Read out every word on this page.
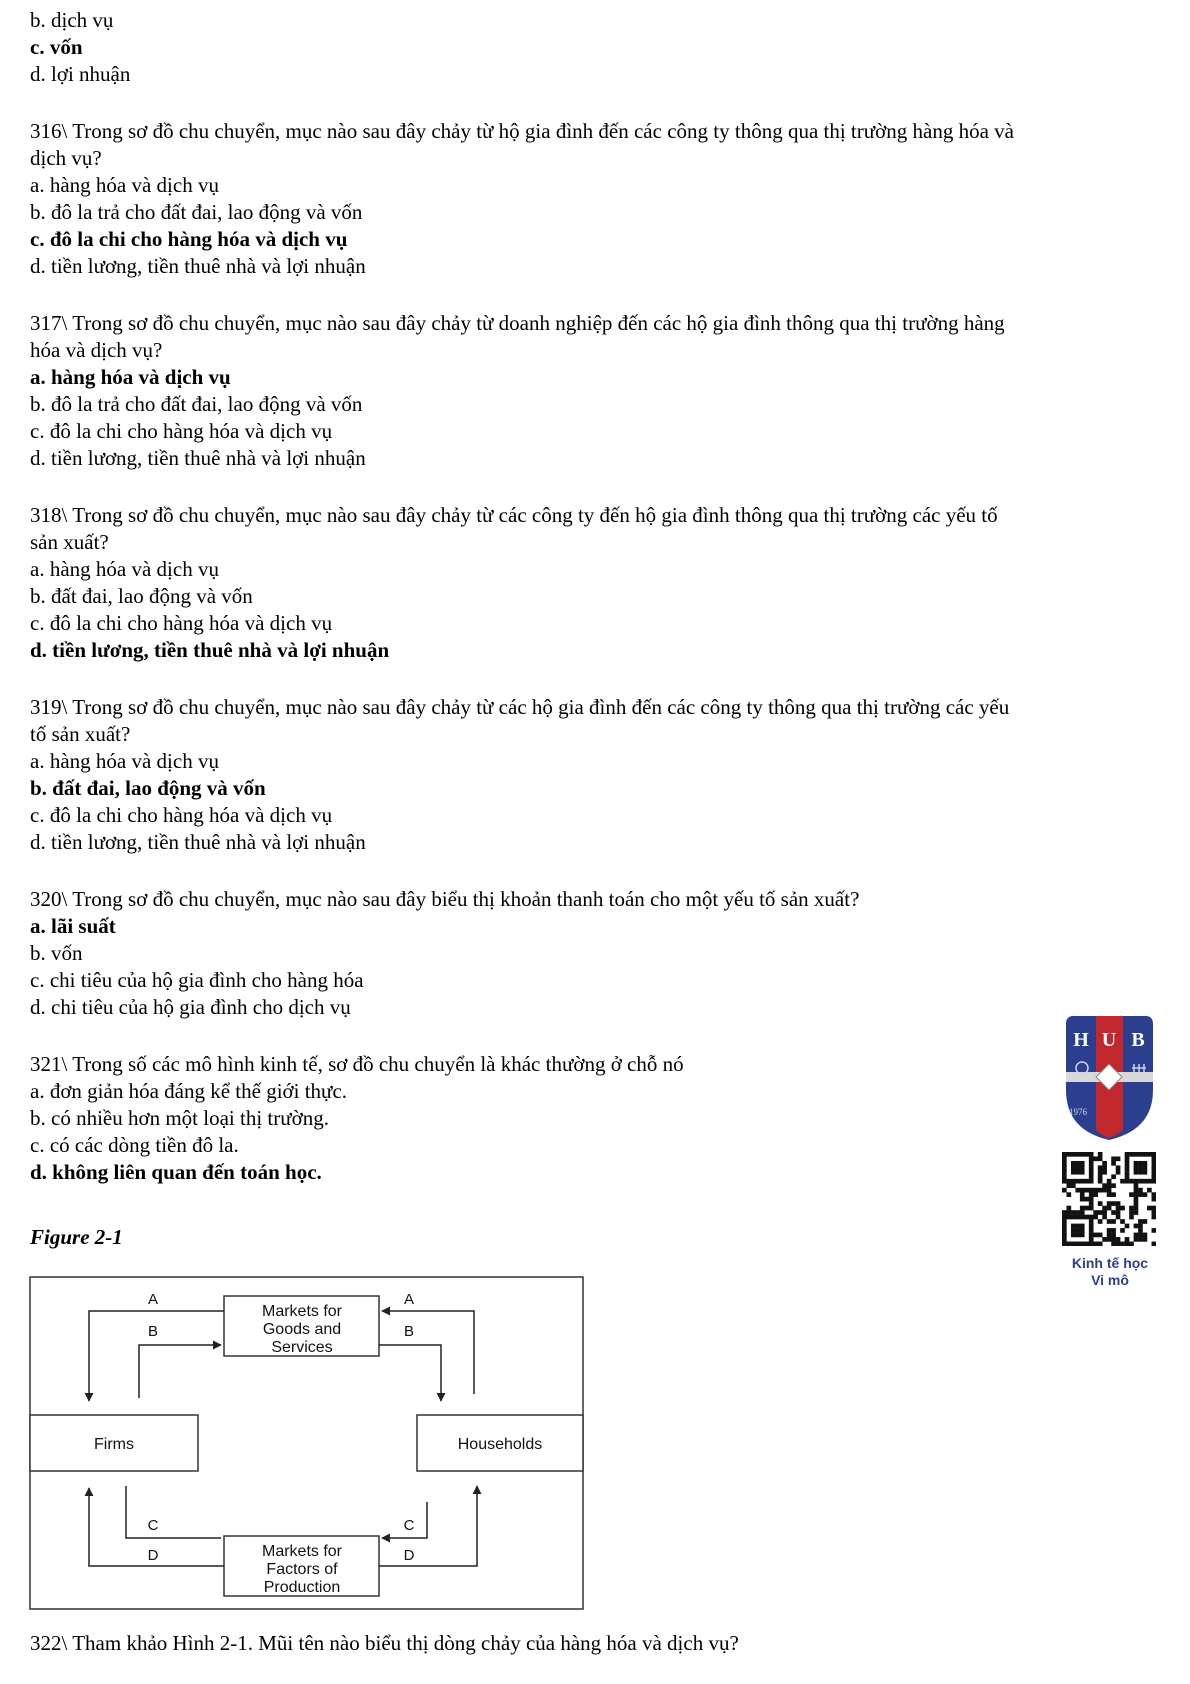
b. dịch vụ
c. vốn
d. lợi nhuận
316\ Trong sơ đồ chu chuyển, mục nào sau đây chảy từ hộ gia đình đến các công ty thông qua thị trường hàng hóa và
dịch vụ?
a. hàng hóa và dịch vụ
b. đô la trả cho đất đai, lao động và vốn
c. đô la chi cho hàng hóa và dịch vụ
d. tiền lương, tiền thuê nhà và lợi nhuận
317\ Trong sơ đồ chu chuyển, mục nào sau đây chảy từ doanh nghiệp đến các hộ gia đình thông qua thị trường hàng
hóa và dịch vụ?
a. hàng hóa và dịch vụ
b. đô la trả cho đất đai, lao động và vốn
c. đô la chi cho hàng hóa và dịch vụ
d. tiền lương, tiền thuê nhà và lợi nhuận
318\ Trong sơ đồ chu chuyển, mục nào sau đây chảy từ các công ty đến hộ gia đình thông qua thị trường các yếu tố
sản xuất?
a. hàng hóa và dịch vụ
b. đất đai, lao động và vốn
c. đô la chi cho hàng hóa và dịch vụ
d. tiền lương, tiền thuê nhà và lợi nhuận
319\ Trong sơ đồ chu chuyển, mục nào sau đây chảy từ các hộ gia đình đến các công ty thông qua thị trường các yếu
tố sản xuất?
a. hàng hóa và dịch vụ
b. đất đai, lao động và vốn
c. đô la chi cho hàng hóa và dịch vụ
d. tiền lương, tiền thuê nhà và lợi nhuận
320\ Trong sơ đồ chu chuyển, mục nào sau đây biểu thị khoản thanh toán cho một yếu tố sản xuất?
a. lãi suất
b. vốn
c. chi tiêu của hộ gia đình cho hàng hóa
d. chi tiêu của hộ gia đình cho dịch vụ
321\ Trong số các mô hình kinh tế, sơ đồ chu chuyển là khác thường ở chỗ nó
a. đơn giản hóa đáng kể thế giới thực.
b. có nhiều hơn một loại thị trường.
c. có các dòng tiền đô la.
d. không liên quan đến toán học.
Figure 2-1
322\ Tham khảo Hình 2-1. Mũi tên nào biểu thị dòng chảy của hàng hóa và dịch vụ?
Markets for
Goods and
Services
Markets for
Factors of
Production
Firms	Households
A
B
A
B
C
D
C
D
H U B
1976
Kinh tế học
Vi mô
